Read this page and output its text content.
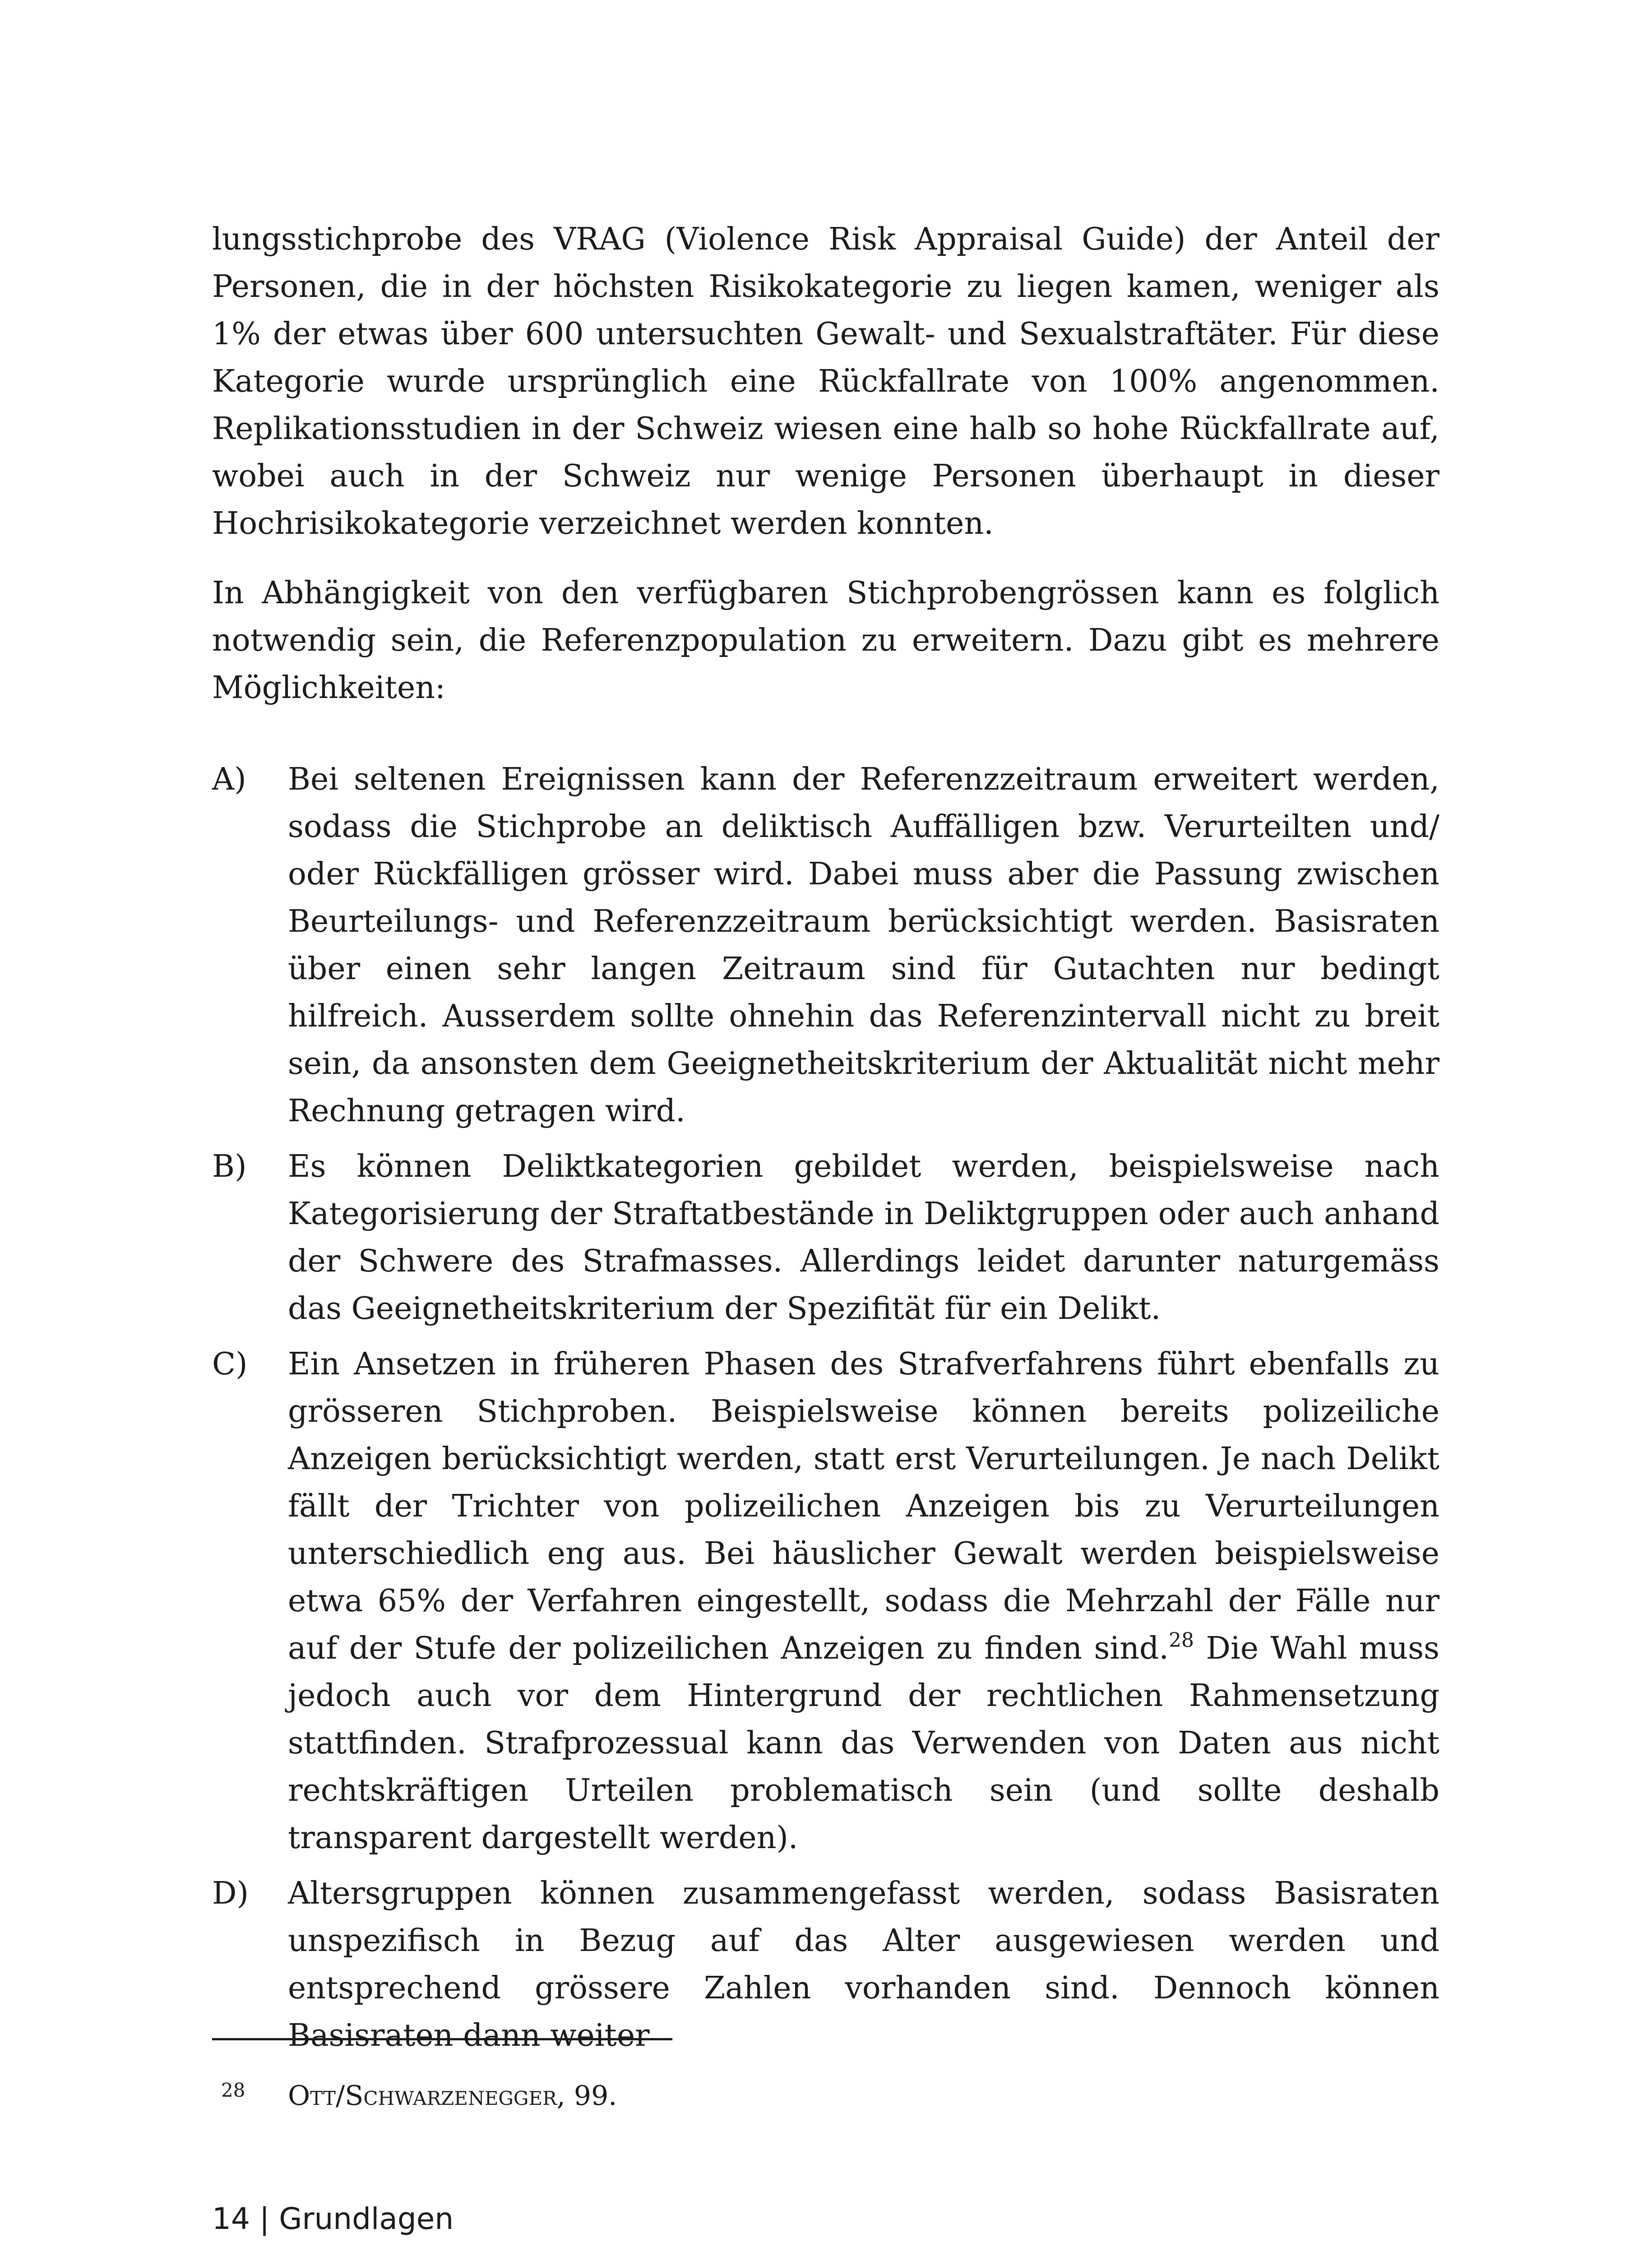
lungsstichprobe des VRAG (Violence Risk Appraisal Guide) der Anteil der Personen, die in der höchsten Risikokategorie zu liegen kamen, weniger als 1% der etwas über 600 untersuchten Gewalt- und Sexualstraftäter. Für diese Kategorie wurde ursprünglich eine Rückfallrate von 100% angenommen. Replikationsstudien in der Schweiz wiesen eine halb so hohe Rückfallrate auf, wobei auch in der Schweiz nur wenige Personen überhaupt in dieser Hochrisikokategorie verzeichnet werden konnten.

In Abhängigkeit von den verfügbaren Stichprobengrössen kann es folglich notwendig sein, die Referenzpopulation zu erweitern. Dazu gibt es mehrere Möglichkeiten:

A) Bei seltenen Ereignissen kann der Referenzzeitraum erweitert werden, sodass die Stichprobe an deliktisch Auffälligen bzw. Verurteilten und/ oder Rückfälligen grösser wird. Dabei muss aber die Passung zwischen Beurteilungs- und Referenzzeitraum berücksichtigt werden. Basisraten über einen sehr langen Zeitraum sind für Gutachten nur bedingt hilfreich. Ausserdem sollte ohnehin das Referenzintervall nicht zu breit sein, da ansonsten dem Geeignetheitskriterium der Aktualität nicht mehr Rechnung getragen wird.
B) Es können Deliktkategorien gebildet werden, beispielsweise nach Kategorisierung der Straftatbestände in Deliktgruppen oder auch anhand der Schwere des Strafmasses. Allerdings leidet darunter naturgemäss das Geeignetheitskriterium der Spezifität für ein Delikt.
C) Ein Ansetzen in früheren Phasen des Strafverfahrens führt ebenfalls zu grösseren Stichproben. Beispielsweise können bereits polizeiliche Anzeigen berücksichtigt werden, statt erst Verurteilungen. Je nach Delikt fällt der Trichter von polizeilichen Anzeigen bis zu Verurteilungen unterschiedlich eng aus. Bei häuslicher Gewalt werden beispielsweise etwa 65% der Verfahren eingestellt, sodass die Mehrzahl der Fälle nur auf der Stufe der polizeilichen Anzeigen zu finden sind.$^{28}$ Die Wahl muss jedoch auch vor dem Hintergrund der rechtlichen Rahmensetzung stattfinden. Strafprozessual kann das Verwenden von Daten aus nicht rechtskräftigen Urteilen problematisch sein (und sollte deshalb transparent dargestellt werden).
D) Altersgruppen können zusammengefasst werden, sodass Basisraten unspezifisch in Bezug auf das Alter ausgewiesen werden und entsprechend grössere Zahlen vorhanden sind. Dennoch können Basisraten dann weiter
28 Ott/Schwarzenegger, 99.
14 | Grundlagen
